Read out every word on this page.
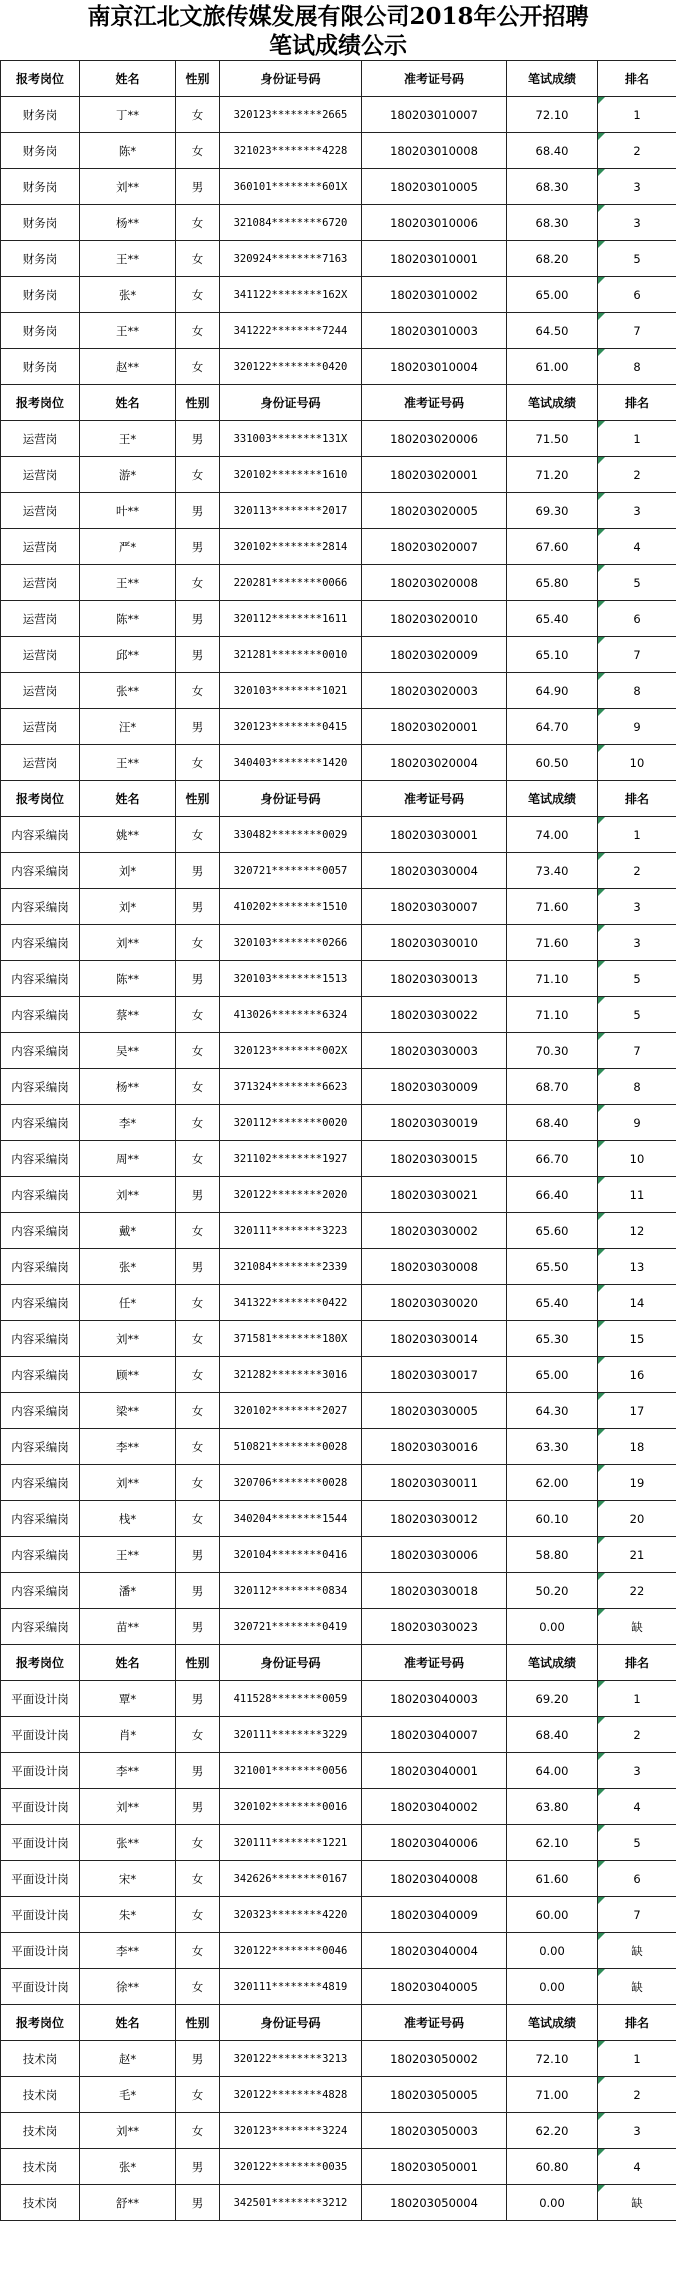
南京江北文旅传媒发展有限公司2018年公开招聘
笔试成绩公示
报考岗位	姓名	性别	身份证号码	准考证号码	笔试成绩	排名
财务岗	丁**	女	320123********2665	180203010007	72.10	1
财务岗	陈*	女	321023********4228	180203010008	68.40	2
财务岗	刘**	男	360101********601X	180203010005	68.30	3
财务岗	杨**	女	321084********6720	180203010006	68.30	3
财务岗	王**	女	320924********7163	180203010001	68.20	5
财务岗	张*	女	341122********162X	180203010002	65.00	6
财务岗	王**	女	341222********7244	180203010003	64.50	7
财务岗	赵**	女	320122********0420	180203010004	61.00	8
报考岗位	姓名	性别	身份证号码	准考证号码	笔试成绩	排名
运营岗	王*	男	331003********131X	180203020006	71.50	1
运营岗	游*	女	320102********1610	180203020001	71.20	2
运营岗	叶**	男	320113********2017	180203020005	69.30	3
运营岗	严*	男	320102********2814	180203020007	67.60	4
运营岗	王**	女	220281********0066	180203020008	65.80	5
运营岗	陈**	男	320112********1611	180203020010	65.40	6
运营岗	邱**	男	321281********0010	180203020009	65.10	7
运营岗	张**	女	320103********1021	180203020003	64.90	8
运营岗	汪*	男	320123********0415	180203020001	64.70	9
运营岗	王**	女	340403********1420	180203020004	60.50	10
报考岗位	姓名	性别	身份证号码	准考证号码	笔试成绩	排名
内容采编岗	姚**	女	330482********0029	180203030001	74.00	1
内容采编岗	刘*	男	320721********0057	180203030004	73.40	2
内容采编岗	刘*	男	410202********1510	180203030007	71.60	3
内容采编岗	刘**	女	320103********0266	180203030010	71.60	3
内容采编岗	陈**	男	320103********1513	180203030013	71.10	5
内容采编岗	蔡**	女	413026********6324	180203030022	71.10	5
内容采编岗	吴**	女	320123********002X	180203030003	70.30	7
内容采编岗	杨**	女	371324********6623	180203030009	68.70	8
内容采编岗	李*	女	320112********0020	180203030019	68.40	9
内容采编岗	周**	女	321102********1927	180203030015	66.70	10
内容采编岗	刘**	男	320122********2020	180203030021	66.40	11
内容采编岗	戴*	女	320111********3223	180203030002	65.60	12
内容采编岗	张*	男	321084********2339	180203030008	65.50	13
内容采编岗	任*	女	341322********0422	180203030020	65.40	14
内容采编岗	刘**	女	371581********180X	180203030014	65.30	15
内容采编岗	顾**	女	321282********3016	180203030017	65.00	16
内容采编岗	梁**	女	320102********2027	180203030005	64.30	17
内容采编岗	李**	女	510821********0028	180203030016	63.30	18
内容采编岗	刘**	女	320706********0028	180203030011	62.00	19
内容采编岗	栈*	女	340204********1544	180203030012	60.10	20
内容采编岗	王**	男	320104********0416	180203030006	58.80	21
内容采编岗	潘*	男	320112********0834	180203030018	50.20	22
内容采编岗	苗**	男	320721********0419	180203030023	0.00	缺
报考岗位	姓名	性别	身份证号码	准考证号码	笔试成绩	排名
平面设计岗	覃*	男	411528********0059	180203040003	69.20	1
平面设计岗	肖*	女	320111********3229	180203040007	68.40	2
平面设计岗	李**	男	321001********0056	180203040001	64.00	3
平面设计岗	刘**	男	320102********0016	180203040002	63.80	4
平面设计岗	张**	女	320111********1221	180203040006	62.10	5
平面设计岗	宋*	女	342626********0167	180203040008	61.60	6
平面设计岗	朱*	女	320323********4220	180203040009	60.00	7
平面设计岗	李**	女	320122********0046	180203040004	0.00	缺
平面设计岗	徐**	女	320111********4819	180203040005	0.00	缺
报考岗位	姓名	性别	身份证号码	准考证号码	笔试成绩	排名
技术岗	赵*	男	320122********3213	180203050002	72.10	1
技术岗	毛*	女	320122********4828	180203050005	71.00	2
技术岗	刘**	女	320123********3224	180203050003	62.20	3
技术岗	张*	男	320122********0035	180203050001	60.80	4
技术岗	舒**	男	342501********3212	180203050004	0.00	缺
